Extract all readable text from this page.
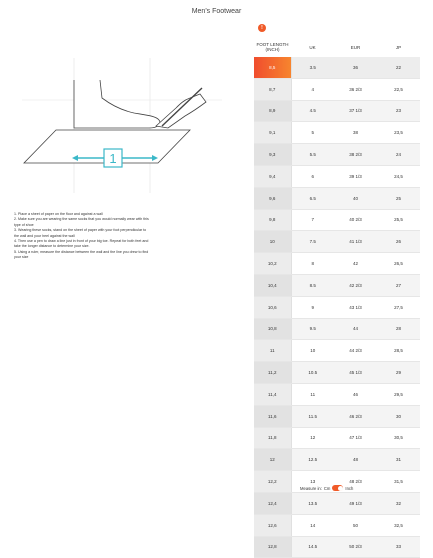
Men's Footwear
1
1. Place a sheet of paper on the floor and against a wall
2. Make sure you are wearing the same socks that you would normally wear with this
type of shoe
3. Wearing these socks, stand on the sheet of paper with your foot perpendicular to
the wall and your heel against the wall
4. Then use a pen to draw a line just in front of your big toe. Repeat for both feet and
take the longer distance to determine your size.
5. Using a ruler, measure the distance between the wall and the line you drew to find
your size
!
FOOT LENGTH
(INCH)	UK	EUR	JP
8,5	3.5	36	22
8,7	4	36 2/3	22,5
8,9	4.5	37 1/3	23
9,1	5	38	23,5
9,3	5.5	38 2/3	24
9,4	6	39 1/3	24,5
9,6	6.5	40	25
9,8	7	40 2/3	25,5
10	7.5	41 1/3	26
10,2	8	42	26,5
10,4	8.5	42 2/3	27
10,6	9	43 1/3	27,5
10,8	9.5	44	28
11	10	44 2/3	28,5
11,2	10.5	45 1/3	29
11,4	11	46	29,5
11,6	11.5	46 2/3	30
11,8	12	47 1/3	30,5
12	12.5	48	31
12,2	13	48 2/3	31,5
12,4	13.5	49 1/3	32
12,6	14	50	32,5
12,8	14.5	50 2/3	33
Measure in: Cm	Inch
